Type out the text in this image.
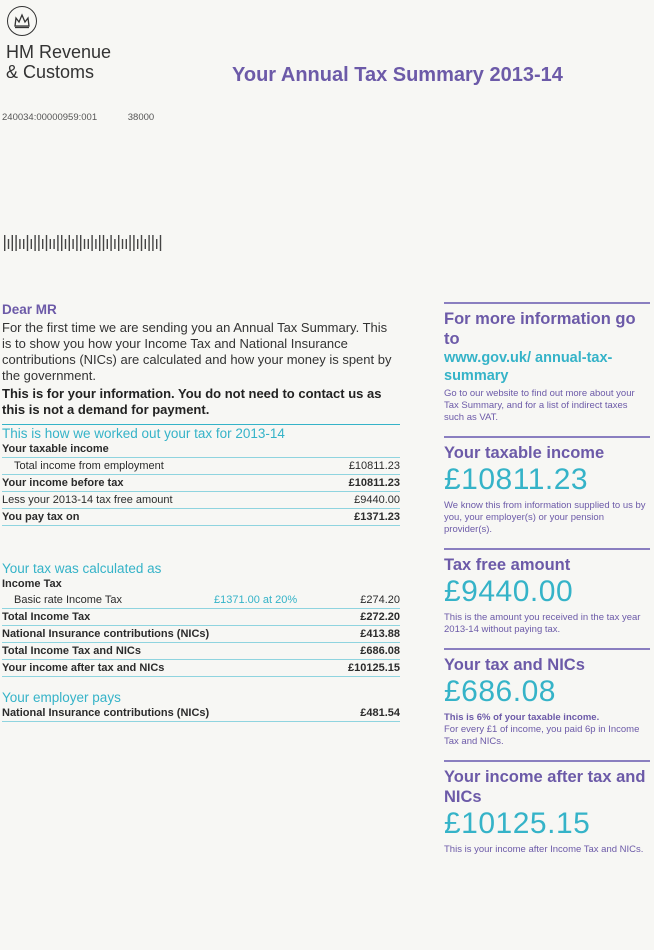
HM Revenue
& Customs	Your Annual Tax Summary 2013-14
240034:00000959:001	38000
Dear MR
For the first time we are sending you an Annual Tax Summary. This is to show you how your Income Tax and National Insurance contributions (NICs) are calculated and how your money is spent by the government.
This is for your information. You do not need to contact us as this is not a demand for payment.
This is how we worked out your tax for 2013-14
Your taxable income
Total income from employment	£10811.23
Your income before tax	£10811.23
Less your 2013-14 tax free amount	£9440.00
You pay tax on	£1371.23
Your tax was calculated as
Income Tax
Basic rate Income Tax	£1371.00 at 20%	£274.20
Total Income Tax	£272.20
National Insurance contributions (NICs)	£413.88
Total Income Tax and NICs	£686.08
Your income after tax and NICs	£10125.15
Your employer pays
National Insurance contributions (NICs)	£481.54
For more information go to
www.gov.uk/ annual-tax-summary
Go to our website to find out more about your Tax Summary, and for a list of indirect taxes such as VAT.
Your taxable income
£10811.23
We know this from information supplied to us by you, your employer(s) or your pension provider(s).
Tax free amount
£9440.00
This is the amount you received in the tax year 2013-14 without paying tax.
Your tax and NICs
£686.08
This is 6% of your taxable income.
For every £1 of income, you paid 6p in Income Tax and NICs.
Your income after tax and NICs
£10125.15
This is your income after Income Tax and NICs.
